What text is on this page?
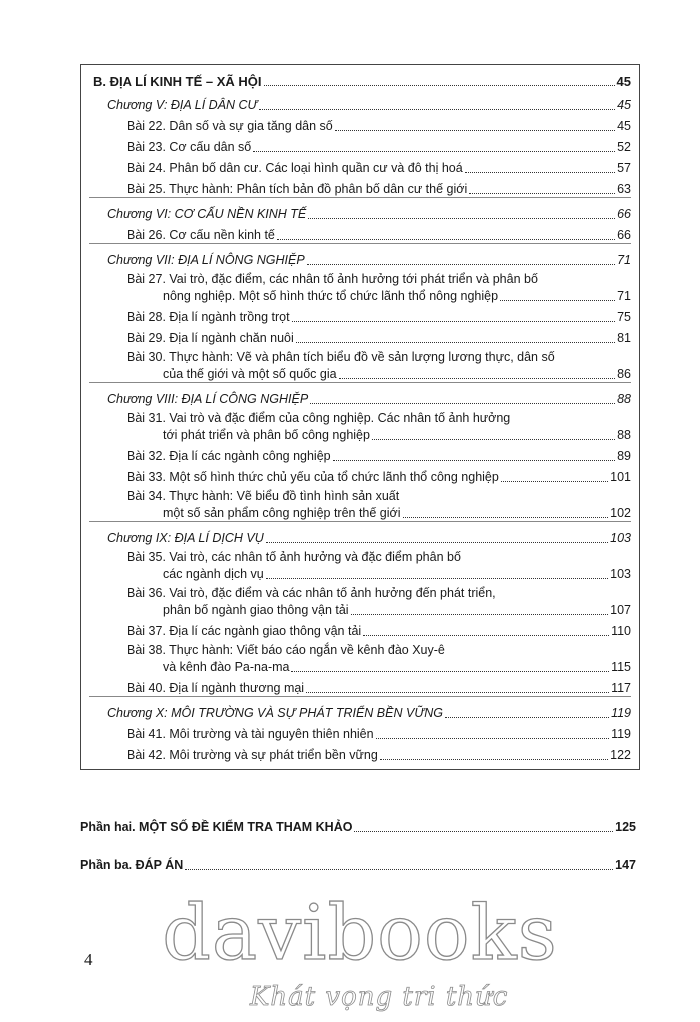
B. ĐỊA LÍ KINH TẾ – XÃ HỘI	45
Chương V: ĐỊA LÍ DÂN CƯ	45
Bài 22. Dân số và sự gia tăng dân số	45
Bài 23. Cơ cấu dân số	52
Bài 24. Phân bố dân cư. Các loại hình quần cư và đô thị hoá	57
Bài 25. Thực hành: Phân tích bản đồ phân bố dân cư thế giới	63
Chương VI: CƠ CẤU NỀN KINH TẾ	66
Bài 26. Cơ cấu nền kinh tế	66
Chương VII: ĐỊA LÍ NÔNG NGHIỆP	71
Bài 27. Vai trò, đặc điểm, các nhân tố ảnh hưởng tới phát triển và phân bố
nông nghiệp. Một số hình thức tổ chức lãnh thổ nông nghiệp	71
Bài 28. Địa lí ngành trồng trọt	75
Bài 29. Địa lí ngành chăn nuôi	81
Bài 30. Thực hành: Vẽ và phân tích biểu đồ về sản lượng lương thực, dân số
của thế giới và một số quốc gia	86
Chương VIII: ĐỊA LÍ CÔNG NGHIỆP	88
Bài 31. Vai trò và đặc điểm của công nghiệp. Các nhân tố ảnh hưởng
tới phát triển và phân bố công nghiệp	88
Bài 32. Địa lí các ngành công nghiệp	89
Bài 33. Một số hình thức chủ yếu của tổ chức lãnh thổ công nghiệp	101
Bài 34. Thực hành: Vẽ biểu đồ tình hình sản xuất
một số sản phẩm công nghiệp trên thế giới	102
Chương IX: ĐỊA LÍ DỊCH VỤ	103
Bài 35. Vai trò, các nhân tố ảnh hưởng và đặc điểm phân bố
các ngành dịch vụ	103
Bài 36. Vai trò, đặc điểm và các nhân tố ảnh hưởng đến phát triển,
phân bố ngành giao thông vận tải	107
Bài 37. Địa lí các ngành giao thông vận tải	110
Bài 38. Thực hành: Viết báo cáo ngắn về kênh đào Xuy-ê
và kênh đào Pa-na-ma	115
Bài 40. Địa lí ngành thương mại	117
Chương X: MÔI TRƯỜNG VÀ SỰ PHÁT TRIỂN BỀN VỮNG	119
Bài 41. Môi trường và tài nguyên thiên nhiên	119
Bài 42. Môi trường và sự phát triển bền vững	122
Phần hai. MỘT SỐ ĐỀ KIỂM TRA THAM KHẢO	125
Phần ba. ĐÁP ÁN	147
4 davibooks
Khát vọng tri thức
